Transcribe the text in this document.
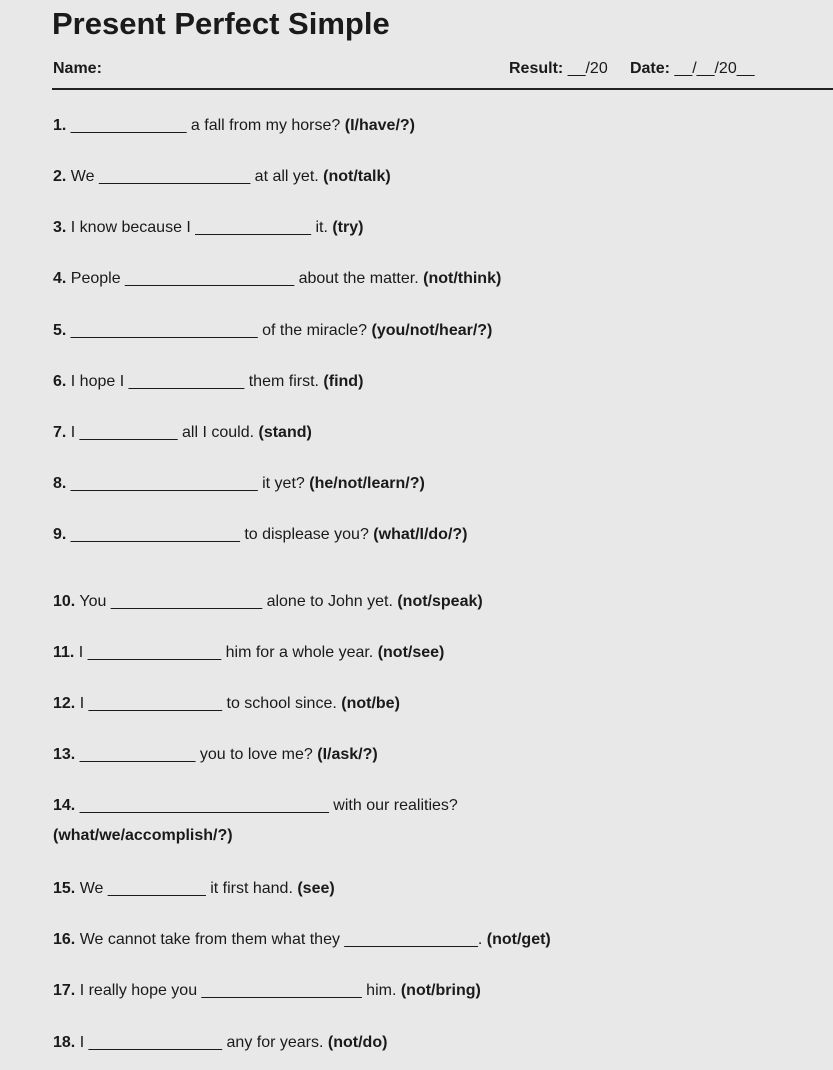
Present Perfect Simple
Name:	Result: __/20 Date: __/__/20__
1. _____________ a fall from my horse? (I/have/?)
2. We _________________ at all yet. (not/talk)
3. I know because I _____________ it. (try)
4. People ___________________ about the matter. (not/think)
5. _____________________ of the miracle? (you/not/hear/?)
6. I hope I _____________ them first. (find)
7. I ___________ all I could. (stand)
8. _____________________ it yet? (he/not/learn/?)
9. ___________________ to displease you? (what/I/do/?)
10. You _________________ alone to John yet. (not/speak)
11. I _______________ him for a whole year. (not/see)
12. I _______________ to school since. (not/be)
13. _____________ you to love me? (I/ask/?)
14. ____________________________ with our realities?
(what/we/accomplish/?)
15. We ___________ it first hand. (see)
16. We cannot take from them what they _______________. (not/get)
17. I really hope you __________________ him. (not/bring)
18. I _______________ any for years. (not/do)
